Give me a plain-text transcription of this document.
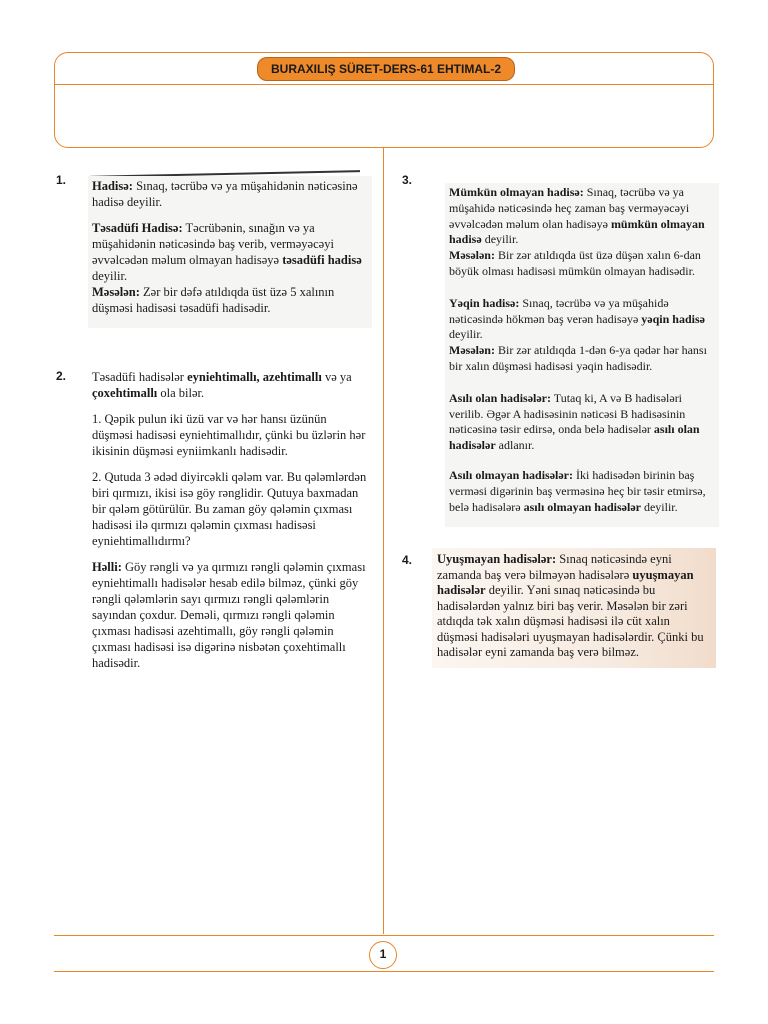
BURAXILIŞ SÜRET-DERS-61 EHTIMAL-2
1. Hadisə: Sınaq, təcrübə və ya müşahidənin nəticəsinə hadisə deyilir.

Təsadüfi Hadisə: Təcrübənin, sınağın və ya müşahidənin nəticəsində baş verib, verməyəcəyi əvvəlcədən məlum olmayan hadisəyə təsadüfi hadisə deyilir.
Məsələn: Zər bir dəfə atıldıqda üst üzə 5 xalının düşməsi hadisəsi təsadüfi hadisədir.

2. Təsadüfi hadisələr eyniehtimallı, azehtimallı və ya çoxehtimallı ola bilər.

1. Qəpik pulun iki üzü var və hər hansı üzünün düşməsi hadisəsi eyniehtimallıdır, çünki bu üzlərin hər ikisinin düşməsi eyniimkanlı hadisədir.

2. Qutuda 3 ədəd diyircəkli qələm var. Bu qələmlərdən biri qırmızı, ikisi isə göy rənglidir. Qutuya baxmadan bir qələm götürülür. Bu zaman göy qələmin çıxması hadisəsi ilə qırmızı qələmin çıxması hadisəsi eyniehtimallıdırmı?

Həlli: Göy rəngli və ya qırmızı rəngli qələmin çıxması eyniehtimallı hadisələr hesab edilə bilməz, çünki göy rəngli qələmlərin sayı qırmızı rəngli qələmlərin sayından çoxdur. Deməli, qırmızı rəngli qələmin çıxması hadisəsi azehtimallı, göy rəngli qələmin çıxması hadisəsi isə digərinə nisbətən çoxehtimallı hadisədir.

3.

Mümkün olmayan hadisə: Sınaq, təcrübə və ya müşahidə nəticəsində heç zaman baş verməyəcəyi əvvəlcədən məlum olan hadisəyə mümkün olmayan hadisə deyilir.
Məsələn: Bir zər atıldıqda üst üzə düşən xalın 6-dan böyük olması hadisəsi mümkün olmayan hadisədir.

Yəqin hadisə: Sınaq, təcrübə və ya müşahidə nəticəsində hökmən baş verən hadisəyə yəqin hadisə deyilir.
Məsələn: Bir zər atıldıqda 1-dən 6-ya qədər hər hansı bir xalın düşməsi hadisəsi yəqin hadisədir.

Asılı olan hadisələr: Tutaq ki, A və B hadisələri verilib. Əgər A hadisəsinin nəticəsi B hadisəsinin nəticəsinə təsir edirsə, onda belə hadisələr asılı olan hadisələr adlanır.

Asılı olmayan hadisələr: İki hadisədən birinin baş verməsi digərinin baş verməsinə heç bir təsir etmirsə, belə hadisələrə asılı olmayan hadisələr deyilir.

4. Uyuşmayan hadisələr: Sınaq nəticəsində eyni zamanda baş verə bilməyən hadisələrə uyuşmayan hadisələr deyilir. Yəni sınaq nəticəsində bu hadisələrdən yalnız biri baş verir. Məsələn bir zəri atdıqda tək xalın düşməsi hadisəsi ilə cüt xalın düşməsi hadisələri uyuşmayan hadisələrdir. Çünki bu hadisələr eyni zamanda baş verə bilməz.

1
